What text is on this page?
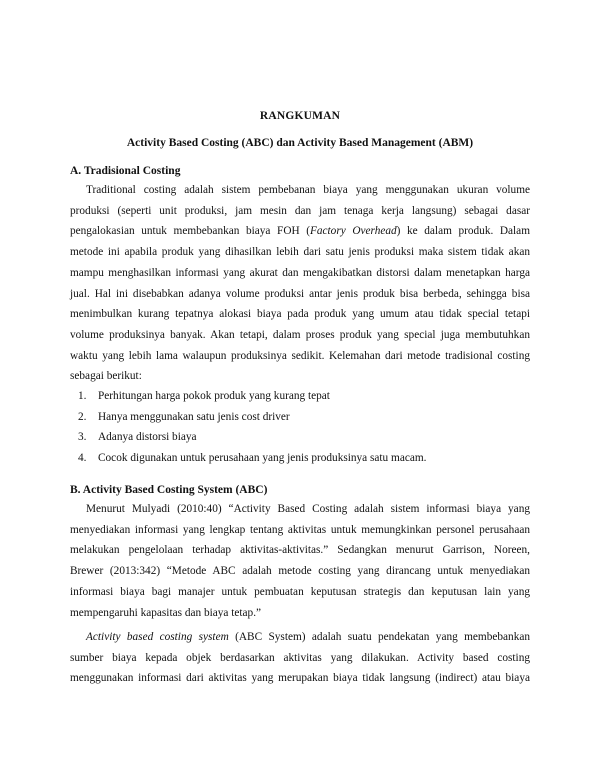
RANGKUMAN
Activity Based Costing (ABC) dan Activity Based Management (ABM)
A. Tradisional Costing
Traditional costing adalah sistem pembebanan biaya yang menggunakan ukuran volume
produksi (seperti unit produksi, jam mesin dan jam tenaga kerja langsung) sebagai dasar
pengalokasian untuk membebankan biaya FOH (Factory Overhead) ke dalam produk. Dalam
metode ini apabila produk yang dihasilkan lebih dari satu jenis produksi maka sistem tidak akan
mampu menghasilkan informasi yang akurat dan mengakibatkan distorsi dalam menetapkan harga
jual. Hal ini disebabkan adanya volume produksi antar jenis produk bisa berbeda, sehingga bisa
menimbulkan kurang tepatnya alokasi biaya pada produk yang umum atau tidak special tetapi
volume produksinya banyak. Akan tetapi, dalam proses produk yang special juga membutuhkan
waktu yang lebih lama walaupun produksinya sedikit. Kelemahan dari metode tradisional costing
sebagai berikut:
1.	Perhitungan harga pokok produk yang kurang tepat
2.	Hanya menggunakan satu jenis cost driver
3.	Adanya distorsi biaya
4.	Cocok digunakan untuk perusahaan yang jenis produksinya satu macam.
B. Activity Based Costing System (ABC)
Menurut Mulyadi (2010:40) “Activity Based Costing adalah sistem informasi biaya yang
menyediakan informasi yang lengkap tentang aktivitas untuk memungkinkan personel perusahaan
melakukan pengelolaan terhadap aktivitas-aktivitas.” Sedangkan menurut Garrison, Noreen,
Brewer (2013:342) “Metode ABC adalah metode costing yang dirancang untuk menyediakan
informasi biaya bagi manajer untuk pembuatan keputusan strategis dan keputusan lain yang
mempengaruhi kapasitas dan biaya tetap.”
Activity based costing system (ABC System) adalah suatu pendekatan yang membebankan
sumber biaya kepada objek berdasarkan aktivitas yang dilakukan. Activity based costing
menggunakan informasi dari aktivitas yang merupakan biaya tidak langsung (indirect) atau biaya
